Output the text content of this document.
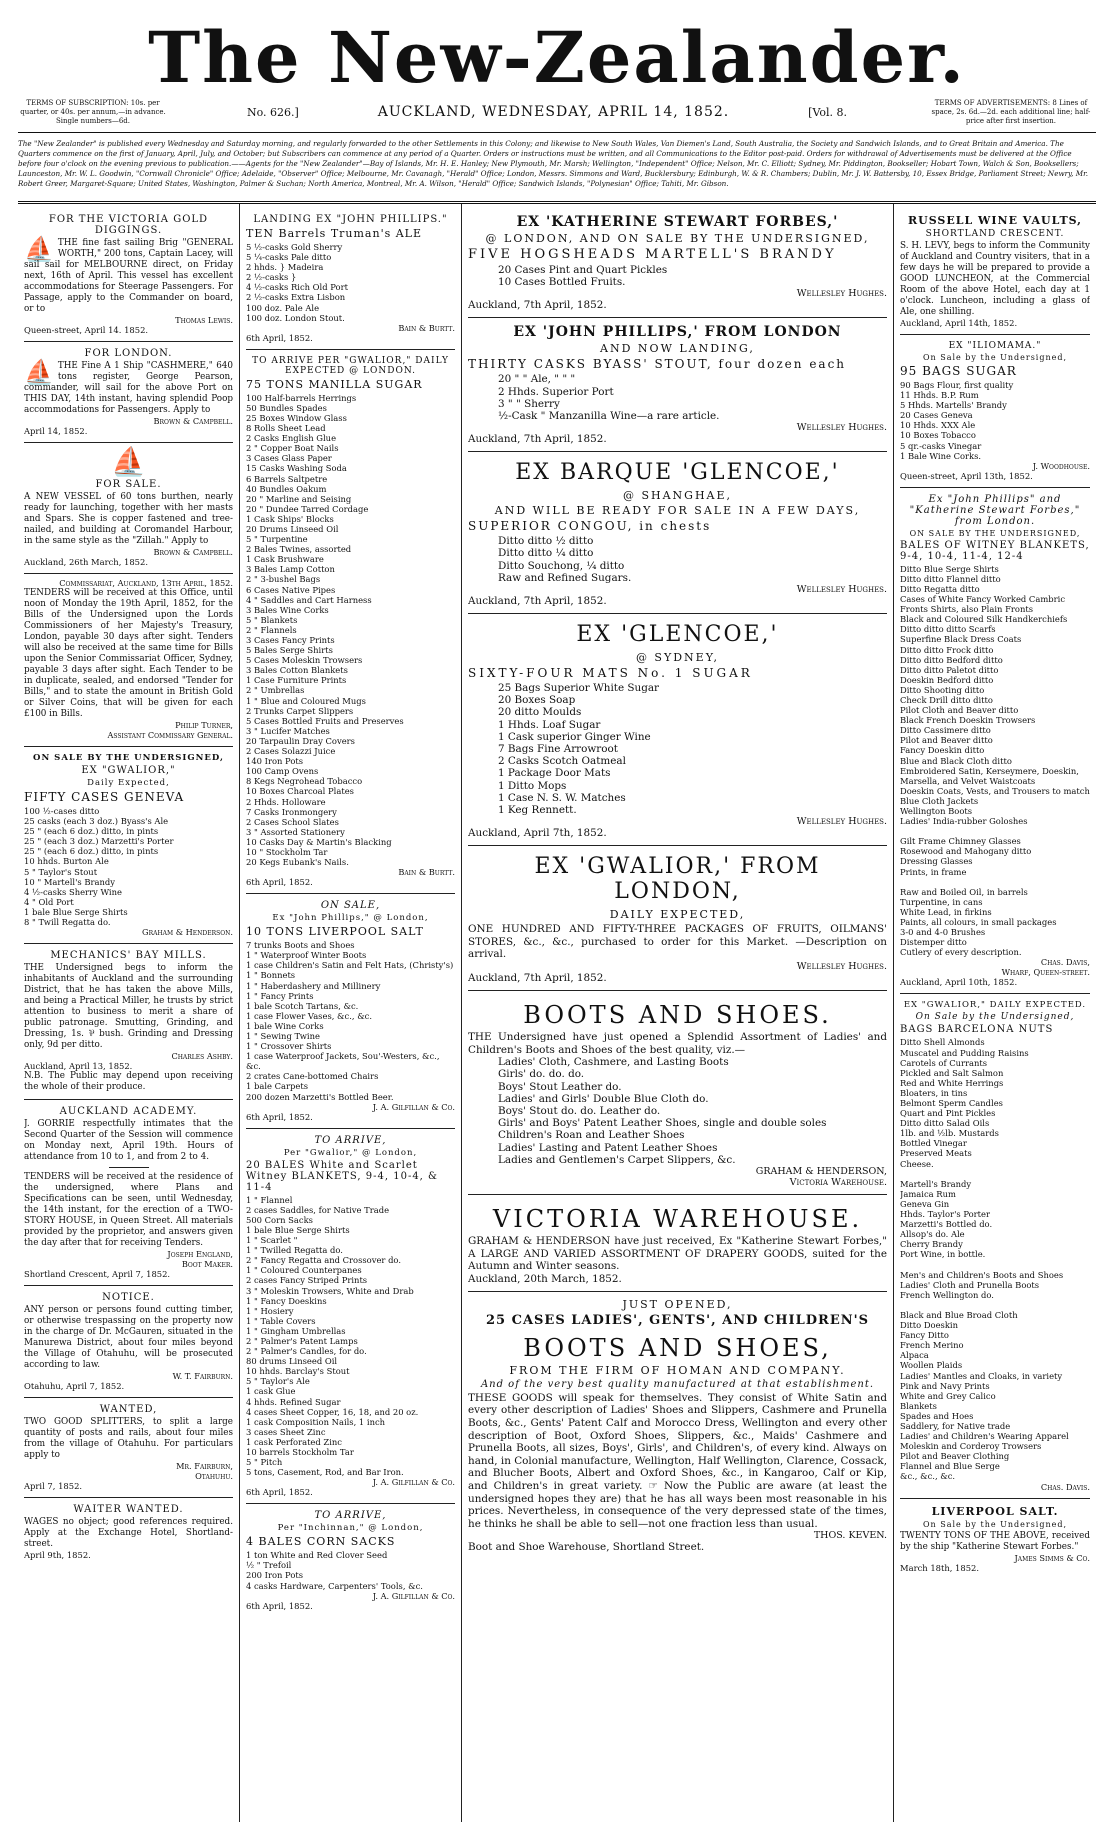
The New-Zealander.
TERMS OF SUBSCRIPTION: 10s. per quarter, or 40s. per annum,—in advance. Single numbers—6d.
No. 626.]	AUCKLAND, WEDNESDAY, APRIL 14, 1852.	[Vol. 8.
TERMS OF ADVERTISEMENTS: 8 Lines of space, 2s. 6d.—2d. each additional line; half-price after first insertion.
The "New Zealander" is published every Wednesday and Saturday morning, and regularly forwarded to the other Settlements in this Colony; and likewise to New South Wales, Van Diemen's Land, South Australia, the Society and Sandwich Islands, and to Great Britain and America. The Quarters commence on the first of January, April, July, and October; but Subscribers can commence at any period of a Quarter. Orders or instructions must be written, and all Communications to the Editor post-paid. Orders for withdrawal of Advertisements must be delivered at the Office before four o'clock on the evening previous to publication.——Agents for the "New Zealander"—Bay of Islands, Mr. H. E. Hanley; New Plymouth, Mr. Marsh; Wellington, "Independent" Office; Nelson, Mr. C. Elliott; Sydney, Mr. Piddington, Bookseller; Hobart Town, Walch & Son, Booksellers; Launceston, Mr. W. L. Goodwin, "Cornwall Chronicle" Office; Adelaide, "Observer" Office; Melbourne, Mr. Cavanagh, "Herald" Office; London, Messrs. Simmons and Ward, Bucklersbury; Edinburgh, W. & R. Chambers; Dublin, Mr. J. W. Battersby, 10, Essex Bridge, Parliament Street; Newry, Mr. Robert Greer, Margaret-Square; United States, Washington, Palmer & Suchan; North America, Montreal, Mr. A. Wilson, "Herald" Office; Sandwich Islands, "Polynesian" Office; Tahiti, Mr. Gibson.
FOR THE VICTORIA GOLD DIGGINGS.
⛵ THE fine fast sailing Brig "GENERAL WORTH," 200 tons, Captain Lacey, will sail sail for MELBOURNE direct, on Friday next, 16th of April. This vessel has excellent accommodations for Steerage Passengers. For Passage, apply to the Commander on board, or to
Thomas Lewis.
Queen-street, April 14. 1852.
FOR LONDON.
⛵ THE Fine A 1 Ship "CASHMERE," 640 tons register, George Pearson, commander, will sail for the above Port on THIS DAY, 14th instant, having splendid Poop accommodations for Passengers. Apply to
Brown & Campbell.
April 14, 1852.
⛵
FOR SALE.
A NEW VESSEL of 60 tons burthen, nearly ready for launching, together with her masts and Spars. She is copper fastened and tree-nailed, and building at Coromandel Harbour, in the same style as the "Zillah." Apply to
Brown & Campbell.
Auckland, 26th March, 1852.
Commissariat, Auckland, 13th April, 1852.
TENDERS will be received at this Office, until noon of Monday the 19th April, 1852, for the Bills of the Undersigned upon the Lords Commissioners of her Majesty's Treasury, London, payable 30 days after sight. Tenders will also be received at the same time for Bills upon the Senior Commissariat Officer, Sydney, payable 3 days after sight. Each Tender to be in duplicate, sealed, and endorsed "Tender for Bills," and to state the amount in British Gold or Silver Coins, that will be given for each £100 in Bills.
Philip Turner,
Assistant Commissary General.
ON SALE BY THE UNDERSIGNED,
EX "GWALIOR,"
Daily Expected,
FIFTY CASES GENEVA
100 ½-cases ditto
25 casks (each 3 doz.) Byass's Ale
25 " (each 6 doz.) ditto, in pints
25 " (each 3 doz.) Marzetti's Porter
25 " (each 6 doz.) ditto, in pints
10 hhds. Burton Ale
5 " Taylor's Stout
10 " Martell's Brandy
4 ½-casks Sherry Wine
4 " Old Port
1 bale Blue Serge Shirts
8 " Twill Regatta do.
Graham & Henderson.
MECHANICS' BAY MILLS.
THE Undersigned begs to inform the inhabitants of Auckland and the surrounding District, that he has taken the above Mills, and being a Practical Miller, he trusts by strict attention to business to merit a share of public patronage. Smutting, Grinding, and Dressing, 1s. ⅌ bush. Grinding and Dressing only, 9d per ditto.
Charles Ashby.
Auckland, April 13, 1852.
N.B. The Public may depend upon receiving the whole of their produce.
AUCKLAND ACADEMY.
J. GORRIE respectfully intimates that the Second Quarter of the Session will commence on Monday next, April 19th. Hours of attendance from 10 to 1, and from 2 to 4.
TENDERS will be received at the residence of the undersigned, where Plans and Specifications can be seen, until Wednesday, the 14th instant, for the erection of a TWO-STORY HOUSE, in Queen Street. All materials provided by the proprietor, and answers given the day after that for receiving Tenders.
Joseph England,
Boot Maker.
Shortland Crescent, April 7, 1852.
NOTICE.
ANY person or persons found cutting timber, or otherwise trespassing on the property now in the charge of Dr. McGauren, situated in the Manurewa District, about four miles beyond the Village of Otahuhu, will be prosecuted according to law.
W. T. Fairburn.
Otahuhu, April 7, 1852.
WANTED,
TWO GOOD SPLITTERS, to split a large quantity of posts and rails, about four miles from the village of Otahuhu. For particulars apply to
Mr. Fairburn,
Otahuhu.
April 7, 1852.
WAITER WANTED.
WAGES no object; good references required. Apply at the Exchange Hotel, Shortland-street.
April 9th, 1852.
LANDING EX "JOHN PHILLIPS."
TEN Barrels Truman's ALE
5 ½-casks Gold Sherry
5 ¼-casks Pale ditto
2 hhds. } Madeira
2 ½-casks }
4 ½-casks Rich Old Port
2 ½-casks Extra Lisbon
100 doz. Pale Ale
100 doz. London Stout.
Bain & Burtt.
6th April, 1852.
TO ARRIVE PER "GWALIOR," DAILY EXPECTED @ LONDON.
75 TONS MANILLA SUGAR
100 Half-barrels Herrings
50 Bundles Spades
25 Boxes Window Glass
8 Rolls Sheet Lead
2 Casks English Glue
2 " Copper Boat Nails
3 Cases Glass Paper
15 Casks Washing Soda
6 Barrels Saltpetre
40 Bundles Oakum
20 " Marline and Seising
20 " Dundee Tarred Cordage
1 Cask Ships' Blocks
20 Drums Linseed Oil
5 " Turpentine
2 Bales Twines, assorted
1 Cask Brushware
3 Bales Lamp Cotton
2 " 3-bushel Bags
6 Cases Native Pipes
4 " Saddles and Cart Harness
3 Bales Wine Corks
5 " Blankets
2 " Flannels
3 Cases Fancy Prints
5 Bales Serge Shirts
5 Cases Moleskin Trowsers
3 Bales Cotton Blankets
1 Case Furniture Prints
2 " Umbrellas
1 " Blue and Coloured Mugs
2 Trunks Carpet Slippers
5 Cases Bottled Fruits and Preserves
3 " Lucifer Matches
20 Tarpaulin Dray Covers
2 Cases Solazzi Juice
140 Iron Pots
100 Camp Ovens
8 Kegs Negrohead Tobacco
10 Boxes Charcoal Plates
2 Hhds. Holloware
7 Casks Ironmongery
2 Cases School Slates
3 " Assorted Stationery
10 Casks Day & Martin's Blacking
10 " Stockholm Tar
20 Kegs Eubank's Nails.
Bain & Burtt.
6th April, 1852.
ON SALE,
Ex "John Phillips," @ London,
10 TONS LIVERPOOL SALT
7 trunks Boots and Shoes
1 " Waterproof Winter Boots
1 case Children's Satin and Felt Hats, (Christy's)
1 " Bonnets
1 " Haberdashery and Millinery
1 " Fancy Prints
1 bale Scotch Tartans, &c.
1 case Flower Vases, &c., &c.
1 bale Wine Corks
1 " Sewing Twine
1 " Crossover Shirts
1 case Waterproof Jackets, Sou'-Westers, &c., &c.
2 crates Cane-bottomed Chairs
1 bale Carpets
200 dozen Marzetti's Bottled Beer.
J. A. Gilfillan & Co.
6th April, 1852.
TO ARRIVE,
Per "Gwalior," @ London,
20 BALES White and Scarlet Witney BLANKETS, 9-4, 10-4, & 11-4
1 " Flannel
2 cases Saddles, for Native Trade
500 Corn Sacks
1 bale Blue Serge Shirts
1 " Scarlet "
1 " Twilled Regatta do.
2 " Fancy Regatta and Crossover do.
1 " Coloured Counterpanes
2 cases Fancy Striped Prints
3 " Moleskin Trowsers, White and Drab
1 " Fancy Doeskins
1 " Hosiery
1 " Table Covers
1 " Gingham Umbrellas
2 " Palmer's Patent Lamps
2 " Palmer's Candles, for do.
80 drums Linseed Oil
10 hhds. Barclay's Stout
5 " Taylor's Ale
1 cask Glue
4 hhds. Refined Sugar
4 cases Sheet Copper, 16, 18, and 20 oz.
1 cask Composition Nails, 1 inch
3 cases Sheet Zinc
1 cask Perforated Zinc
10 barrels Stockholm Tar
5 " Pitch
5 tons, Casement, Rod, and Bar Iron.
J. A. Gilfillan & Co.
6th April, 1852.
TO ARRIVE,
Per "Inchinnan," @ London,
4 BALES CORN SACKS
1 ton White and Red Clover Seed
½ " Trefoil
200 Iron Pots
4 casks Hardware, Carpenters' Tools, &c.
J. A. Gilfillan & Co.
6th April, 1852.
EX 'KATHERINE STEWART FORBES,'
@ LONDON, AND ON SALE BY THE UNDERSIGNED,
FIVE HOGSHEADS MARTELL'S BRANDY
20 Cases Pint and Quart Pickles
10 Cases Bottled Fruits.
Wellesley Hughes.
Auckland, 7th April, 1852.
EX 'JOHN PHILLIPS,' FROM LONDON
AND NOW LANDING,
THIRTY CASKS BYASS' STOUT, four dozen each
20 " " Ale, " " "
2 Hhds. Superior Port
3 " " Sherry
½-Cask " Manzanilla Wine—a rare article.
Wellesley Hughes.
Auckland, 7th April, 1852.
EX BARQUE 'GLENCOE,'
@ SHANGHAE,
AND WILL BE READY FOR SALE IN A FEW DAYS,
SUPERIOR CONGOU, in chests
Ditto ditto ½ ditto
Ditto ditto ¼ ditto
Ditto Souchong, ¼ ditto
Raw and Refined Sugars.
Wellesley Hughes.
Auckland, 7th April, 1852.
EX 'GLENCOE,'
@ SYDNEY,
SIXTY-FOUR MATS No. 1 SUGAR
25 Bags Superior White Sugar
20 Boxes Soap
20 ditto Moulds
1 Hhds. Loaf Sugar
1 Cask superior Ginger Wine
7 Bags Fine Arrowroot
2 Casks Scotch Oatmeal
1 Package Door Mats
1 Ditto Mops
1 Case N. S. W. Matches
1 Keg Rennett.
Wellesley Hughes.
Auckland, April 7th, 1852.
EX 'GWALIOR,' FROM LONDON,
DAILY EXPECTED,
ONE HUNDRED AND FIFTY-THREE PACKAGES OF FRUITS, OILMANS' STORES, &c., &c., purchased to order for this Market. —Description on arrival.
Wellesley Hughes.
Auckland, 7th April, 1852.
BOOTS AND SHOES.
THE Undersigned have just opened a Splendid Assortment of Ladies' and Children's Boots and Shoes of the best quality, viz.—
Ladies' Cloth, Cashmere, and Lasting Boots
Girls' do. do. do.
Boys' Stout Leather do.
Ladies' and Girls' Double Blue Cloth do.
Boys' Stout do. do. Leather do.
Girls' and Boys' Patent Leather Shoes, single and double soles
Children's Roan and Leather Shoes
Ladies' Lasting and Patent Leather Shoes
Ladies and Gentlemen's Carpet Slippers, &c.
GRAHAM & HENDERSON,
Victoria Warehouse.
VICTORIA WAREHOUSE.
GRAHAM & HENDERSON have just received, Ex "Katherine Stewart Forbes," A LARGE AND VARIED ASSORTMENT OF DRAPERY GOODS, suited for the Autumn and Winter seasons.
Auckland, 20th March, 1852.
JUST OPENED,
25 CASES LADIES', GENTS', AND CHILDREN'S
BOOTS AND SHOES,
FROM THE FIRM OF HOMAN AND COMPANY.
And of the very best quality manufactured at that establishment.
THESE GOODS will speak for themselves. They consist of White Satin and every other description of Ladies' Shoes and Slippers, Cashmere and Prunella Boots, &c., Gents' Patent Calf and Morocco Dress, Wellington and every other description of Boot, Oxford Shoes, Slippers, &c., Maids' Cashmere and Prunella Boots, all sizes, Boys', Girls', and Children's, of every kind. Always on hand, in Colonial manufacture, Wellington, Half Wellington, Clarence, Cossack, and Blucher Boots, Albert and Oxford Shoes, &c., in Kangaroo, Calf or Kip, and Children's in great variety. ☞ Now the Public are aware (at least the undersigned hopes they are) that he has all ways been most reasonable in his prices. Nevertheless, in consequence of the very depressed state of the times, he thinks he shall be able to sell—not one fraction less than usual.
THOS. KEVEN.
Boot and Shoe Warehouse, Shortland Street.
RUSSELL WINE VAULTS,
SHORTLAND CRESCENT.
S. H. LEVY, begs to inform the Community of Auckland and Country visiters, that in a few days he will be prepared to provide a GOOD LUNCHEON, at the Commercial Room of the above Hotel, each day at 1 o'clock. Luncheon, including a glass of Ale, one shilling.
Auckland, April 14th, 1852.
EX "ILIOMAMA."
On Sale by the Undersigned,
95 BAGS SUGAR
90 Bags Flour, first quality
11 Hhds. B.P. Rum
5 Hhds. Martells' Brandy
20 Cases Geneva
10 Hhds. XXX Ale
10 Boxes Tobacco
5 qr.-casks Vinegar
1 Bale Wine Corks.
J. Woodhouse.
Queen-street, April 13th, 1852.
Ex "John Phillips" and "Katherine Stewart Forbes," from London.
ON SALE BY THE UNDERSIGNED,
BALES OF WITNEY BLANKETS, 9-4, 10-4, 11-4, 12-4
Ditto Blue Serge Shirts
Ditto ditto Flannel ditto
Ditto Regatta ditto
Cases of White Fancy Worked Cambric Fronts Shirts, also Plain Fronts
Black and Coloured Silk Handkerchiefs
Ditto ditto ditto Scarfs
Superfine Black Dress Coats
Ditto ditto Frock ditto
Ditto ditto Bedford ditto
Ditto ditto Paletot ditto
Doeskin Bedford ditto
Ditto Shooting ditto
Check Drill ditto ditto
Pilot Cloth and Beaver ditto
Black French Doeskin Trowsers
Ditto Cassimere ditto
Pilot and Beaver ditto
Fancy Doeskin ditto
Blue and Black Cloth ditto
Embroidered Satin, Kerseymere, Doeskin, Marsella, and Velvet Waistcoats
Doeskin Coats, Vests, and Trousers to match
Blue Cloth Jackets
Wellington Boots
Ladies' India-rubber Goloshes

Gilt Frame Chimney Glasses
Rosewood and Mahogany ditto
Dressing Glasses
Prints, in frame

Raw and Boiled Oil, in barrels
Turpentine, in cans
White Lead, in firkins
Paints, all colours, in small packages
3-0 and 4-0 Brushes
Distemper ditto
Cutlery of every description.
Chas. Davis,
Wharf, Queen-street.
Auckland, April 10th, 1852.
EX "GWALIOR," DAILY EXPECTED.
On Sale by the Undersigned,
BAGS BARCELONA NUTS
Ditto Shell Almonds
Muscatel and Pudding Raisins
Carotels of Currants
Pickled and Salt Salmon
Red and White Herrings
Bloaters, in tins
Belmont Sperm Candles
Quart and Pint Pickles
Ditto ditto Salad Oils
1lb. and ½lb. Mustards
Bottled Vinegar
Preserved Meats
Cheese.

Martell's Brandy
Jamaica Rum
Geneva Gin
Hhds. Taylor's Porter
Marzetti's Bottled do.
Allsop's do. Ale
Cherry Brandy
Port Wine, in bottle.

Men's and Children's Boots and Shoes
Ladies' Cloth and Prunella Boots
French Wellington do.

Black and Blue Broad Cloth
Ditto Doeskin
Fancy Ditto
French Merino
Alpaca
Woollen Plaids
Ladies' Mantles and Cloaks, in variety
Pink and Navy Prints
White and Grey Calico
Blankets
Spades and Hoes
Saddlery, for Native trade
Ladies' and Children's Wearing Apparel
Moleskin and Corderoy Trowsers
Pilot and Beaver Clothing
Flannel and Blue Serge
&c., &c., &c.
Chas. Davis.
LIVERPOOL SALT.
On Sale by the Undersigned,
TWENTY TONS OF THE ABOVE, received by the ship "Katherine Stewart Forbes."
James Simms & Co.
March 18th, 1852.
